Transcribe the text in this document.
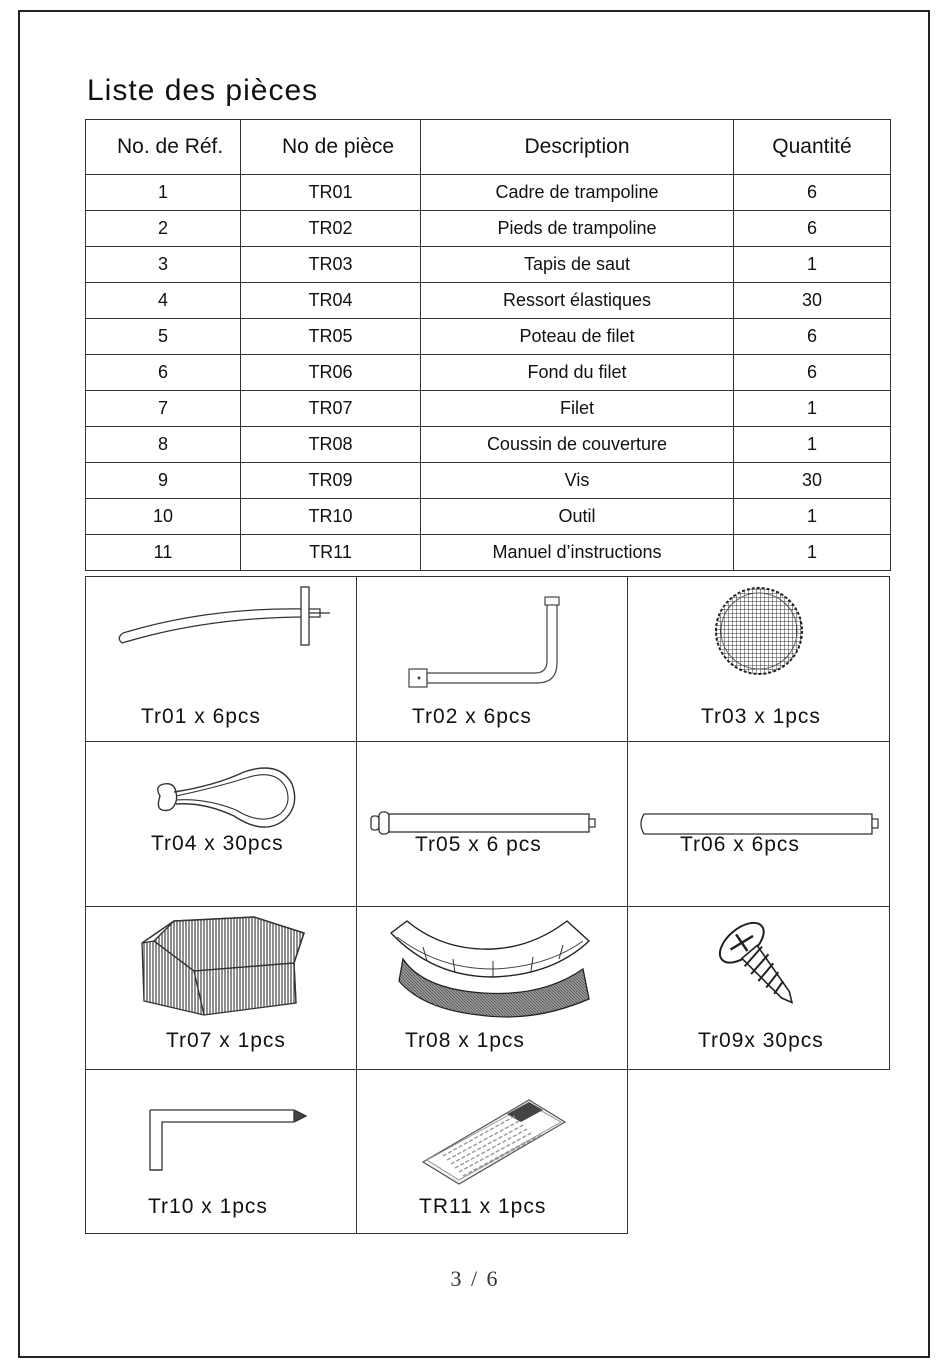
Liste des pièces
No. de Réf.	No de pièce	Description	Quantité
1	TR01	Cadre de trampoline	6
2	TR02	Pieds de trampoline	6
3	TR03	Tapis de saut	1
4	TR04	Ressort élastiques	30
5	TR05	Poteau de filet	6
6	TR06	Fond du filet	6
7	TR07	Filet	1
8	TR08	Coussin de couverture	1
9	TR09	Vis	30
10	TR10	Outil	1
11	TR11	Manuel d’instructions	1
Tr01 x 6pcs	Tr02 x 6pcs	Tr03 x 1pcs
Tr04 x 30pcs	Tr05 x 6 pcs	Tr06 x 6pcs
Tr07 x 1pcs	Tr08 x 1pcs	Tr09x 30pcs
Tr10 x 1pcs	TR11 x 1pcs
3 / 6
